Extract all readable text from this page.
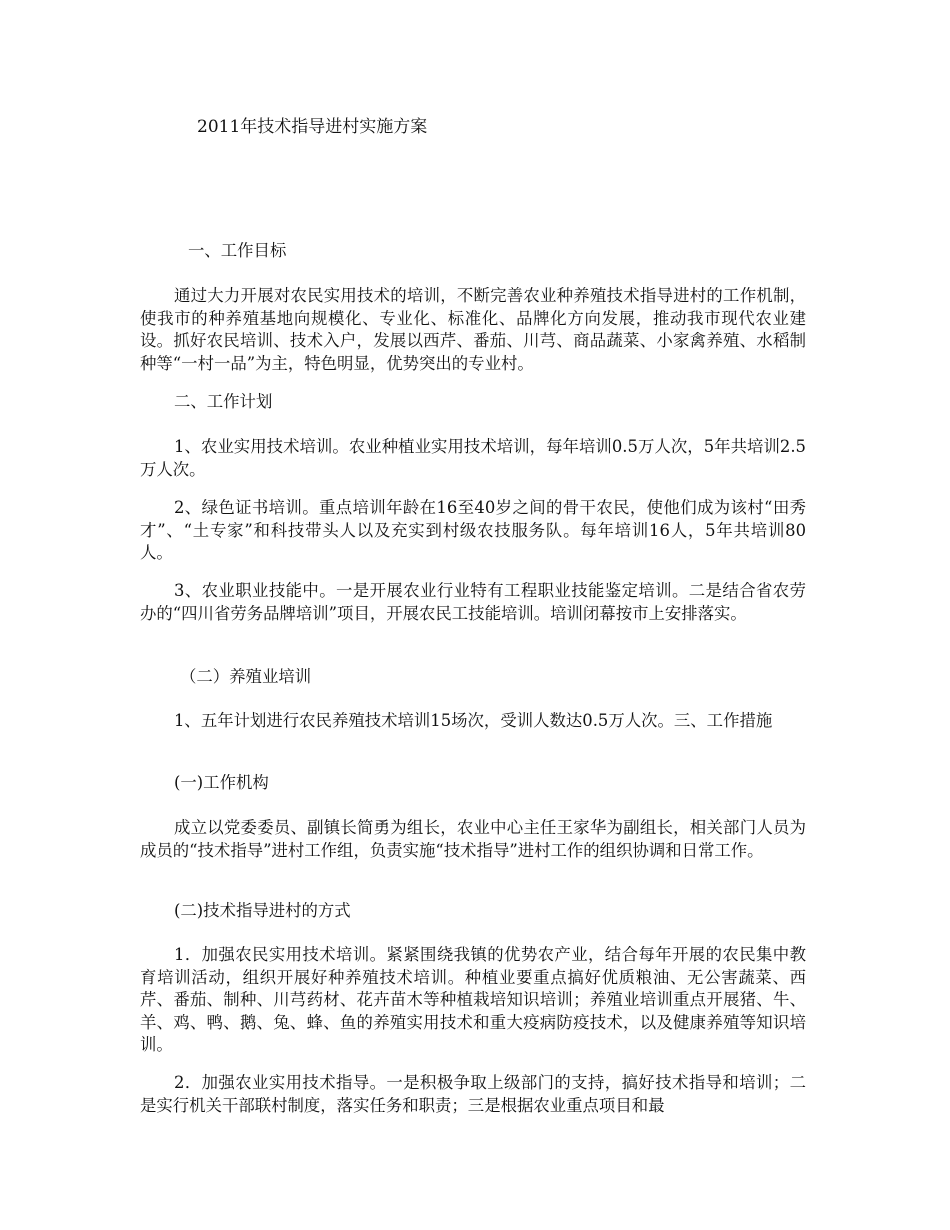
2011年技术指导进村实施方案
一、工作目标
通过大力开展对农民实用技术的培训，不断完善农业种养殖技术指导进村的工作机制，使我市的种养殖基地向规模化、专业化、标准化、品牌化方向发展，推动我市现代农业建设。抓好农民培训、技术入户，发展以西芹、番茄、川芎、商品蔬菜、小家禽养殖、水稻制种等“一村一品”为主，特色明显，优势突出的专业村。
二、工作计划
1、农业实用技术培训。农业种植业实用技术培训，每年培训0.5万人次，5年共培训2.5万人次。
2、绿色证书培训。重点培训年龄在16至40岁之间的骨干农民，使他们成为该村“田秀才”、“土专家”和科技带头人以及充实到村级农技服务队。每年培训16人，5年共培训80人。
3、农业职业技能中。一是开展农业行业特有工程职业技能鉴定培训。二是结合省农劳办的“四川省劳务品牌培训”项目，开展农民工技能培训。培训闭幕按市上安排落实。
（二）养殖业培训
1、五年计划进行农民养殖技术培训15场次，受训人数达0.5万人次。三、工作措施
(一)工作机构
成立以党委委员、副镇长简勇为组长，农业中心主任王家华为副组长，相关部门人员为成员的“技术指导”进村工作组，负责实施“技术指导”进村工作的组织协调和日常工作。
(二)技术指导进村的方式
1．加强农民实用技术培训。紧紧围绕我镇的优势农产业，结合每年开展的农民集中教育培训活动，组织开展好种养殖技术培训。种植业要重点搞好优质粮油、无公害蔬菜、西芹、番茄、制种、川芎药材、花卉苗木等种植栽培知识培训；养殖业培训重点开展猪、牛、羊、鸡、鸭、鹅、兔、蜂、鱼的养殖实用技术和重大疫病防疫技术，以及健康养殖等知识培训。
2．加强农业实用技术指导。一是积极争取上级部门的支持，搞好技术指导和培训；二是实行机关干部联村制度，落实任务和职责；三是根据农业重点项目和最
